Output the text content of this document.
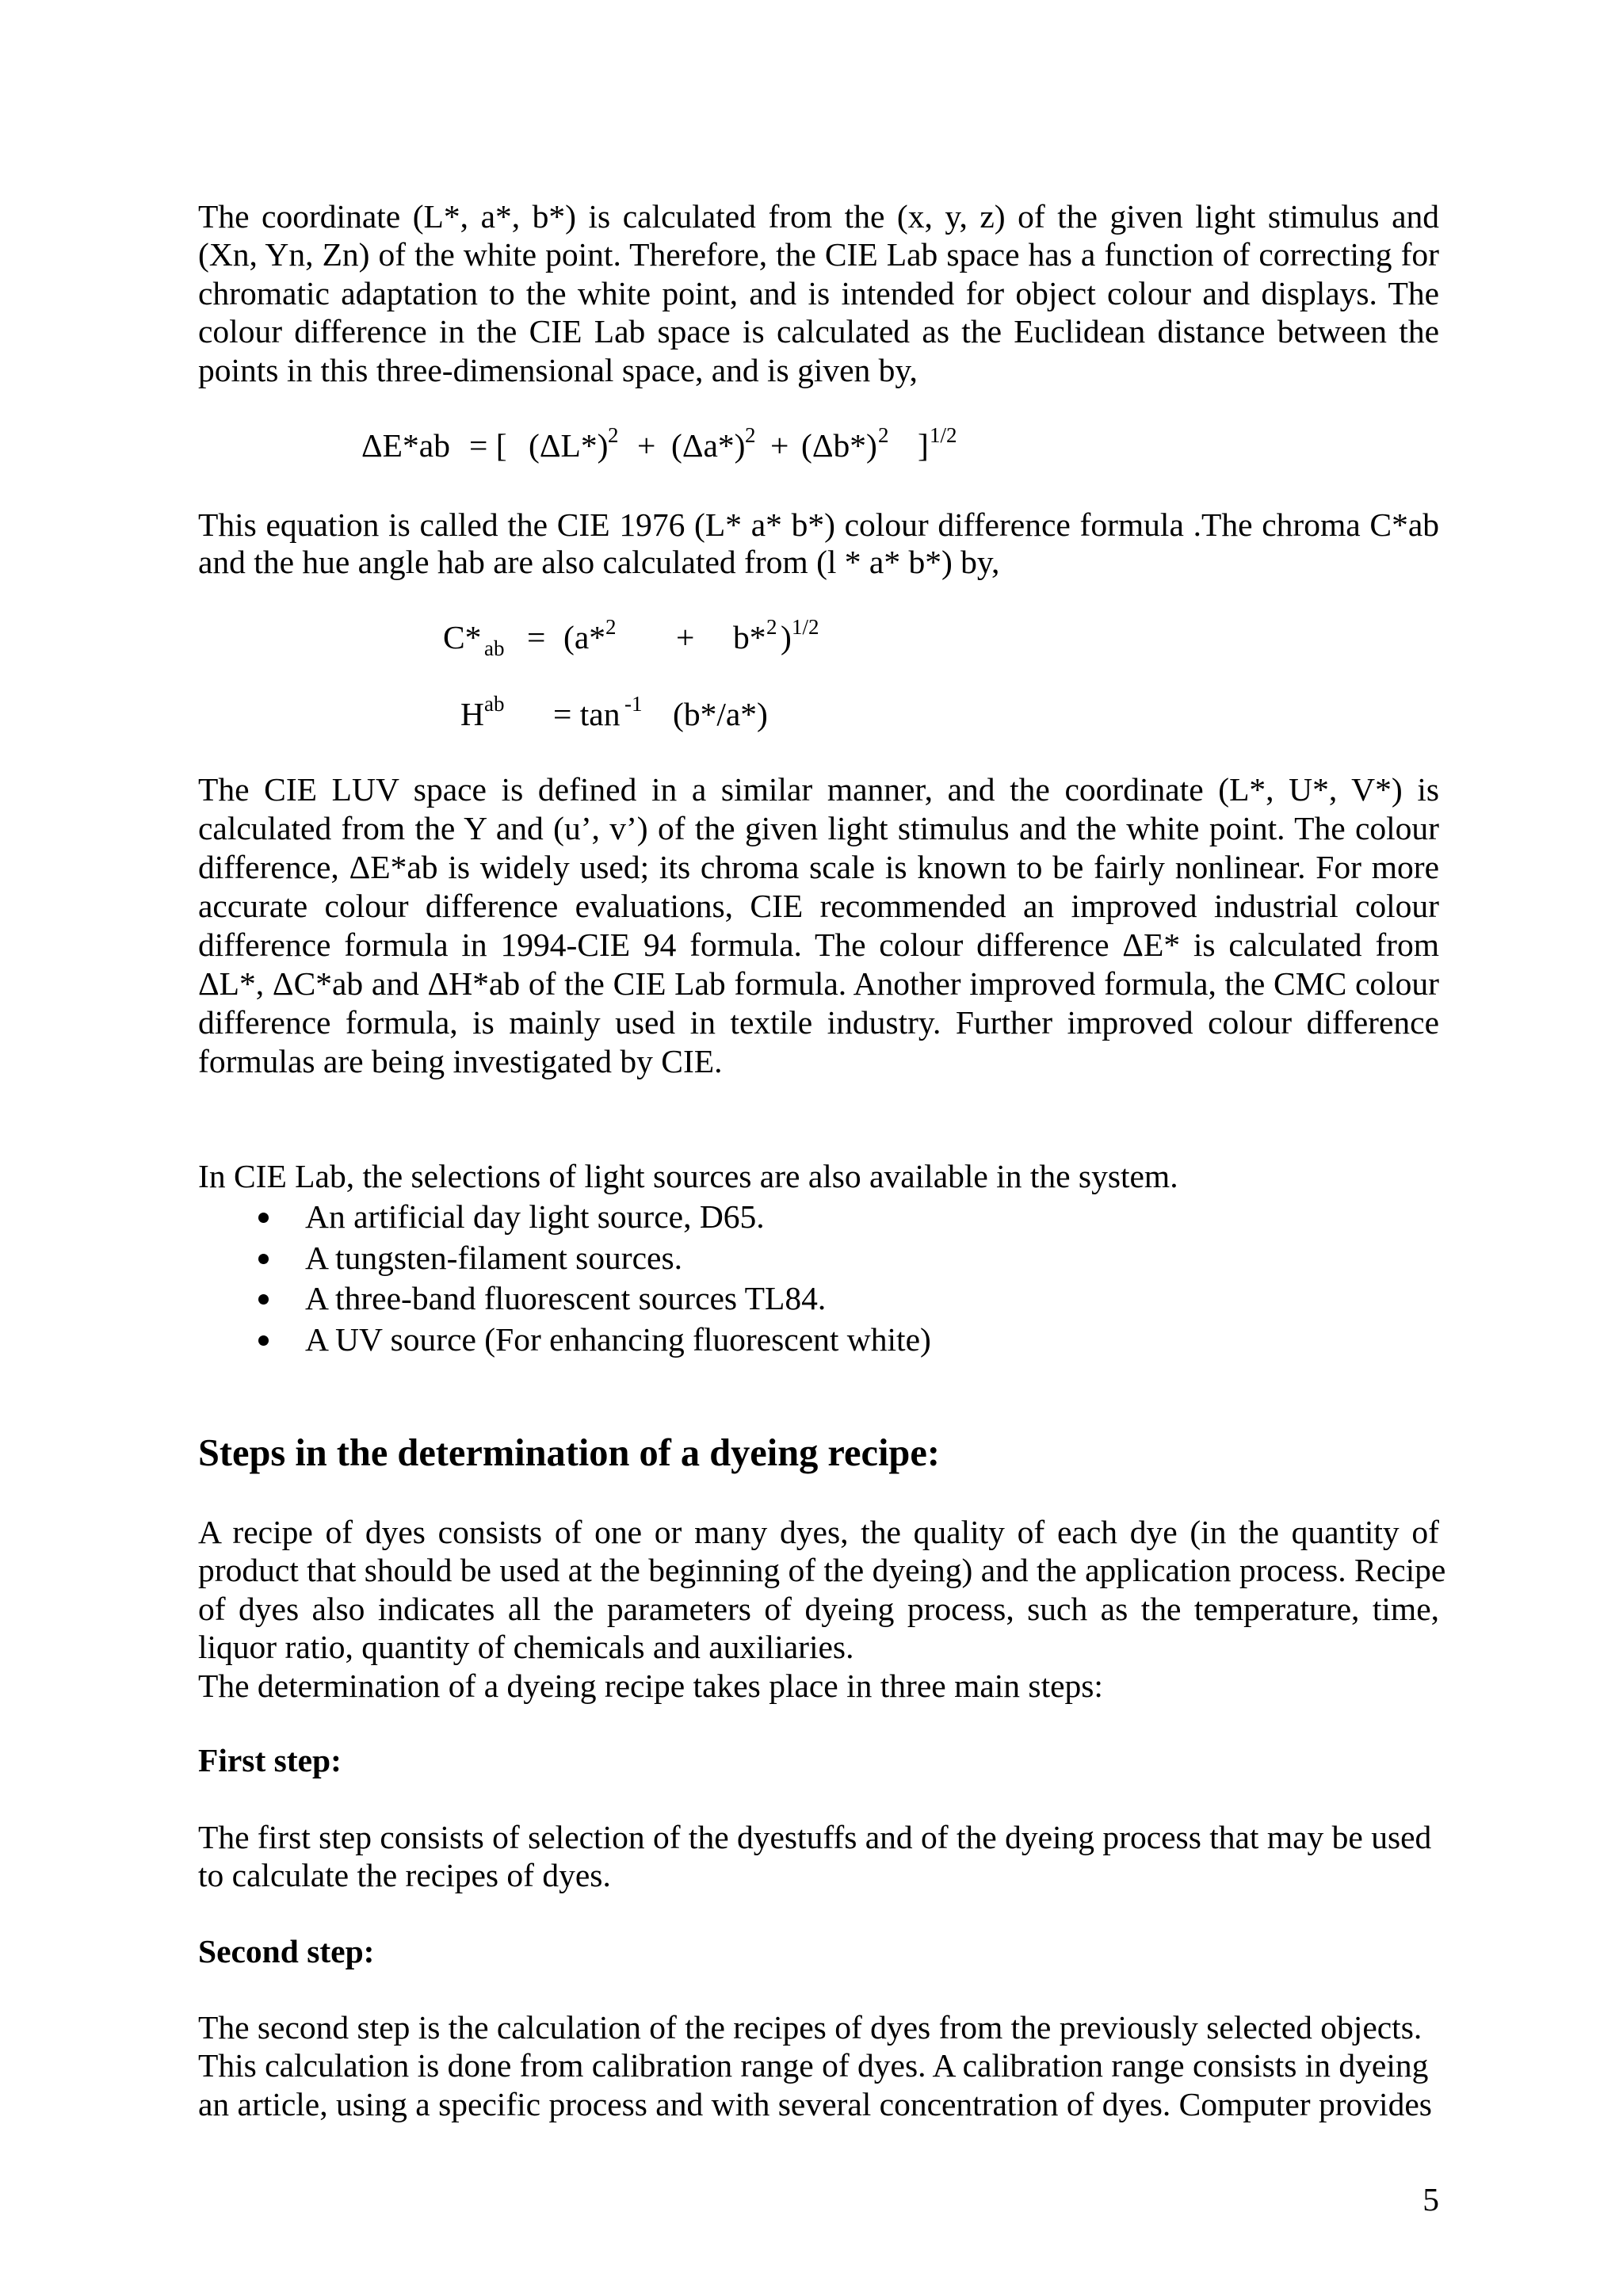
The coordinate (L*, a*, b*) is calculated from the (x, y, z) of the given light stimulus and
(Xn, Yn, Zn) of the white point. Therefore, the CIE Lab space has a function of correcting for
chromatic adaptation to the white point, and is intended for object colour and displays. The
colour difference in the CIE Lab space is calculated as the Euclidean distance between the
points in this three-dimensional space, and is given by,
ΔE*ab = [ (ΔL*) 2 + (Δa*) 2 + (Δb*) 2 ] 1/2
This equation is called the CIE 1976 (L* a* b*) colour difference formula .The chroma C*ab
and the hue angle hab are also calculated from (l * a* b*) by,
C* ab = (a* 2 + b* 2 ) 1/2
H ab = tan -1 (b*/a*)
The CIE LUV space is defined in a similar manner, and the coordinate (L*, U*, V*) is
calculated from the Y and (u’, v’) of the given light stimulus and the white point. The colour
difference, ΔE*ab is widely used; its chroma scale is known to be fairly nonlinear. For more
accurate colour difference evaluations, CIE recommended an improved industrial colour
difference formula in 1994-CIE 94 formula. The colour difference ΔE* is calculated from
ΔL*, ΔC*ab and ΔH*ab of the CIE Lab formula. Another improved formula, the CMC colour
difference formula, is mainly used in textile industry. Further improved colour difference
formulas are being investigated by CIE.
In CIE Lab, the selections of light sources are also available in the system.
An artificial day light source, D65.
A tungsten-filament sources.
A three-band fluorescent sources TL84.
A UV source (For enhancing fluorescent white)
Steps in the determination of a dyeing recipe:
A recipe of dyes consists of one or many dyes, the quality of each dye (in the quantity of
product that should be used at the beginning of the dyeing) and the application process. Recipe
of dyes also indicates all the parameters of dyeing process, such as the temperature, time,
liquor ratio, quantity of chemicals and auxiliaries.
The determination of a dyeing recipe takes place in three main steps:
First step:
The first step consists of selection of the dyestuffs and of the dyeing process that may be used
to calculate the recipes of dyes.
Second step:
The second step is the calculation of the recipes of dyes from the previously selected objects.
This calculation is done from calibration range of dyes. A calibration range consists in dyeing
an article, using a specific process and with several concentration of dyes. Computer provides
5
